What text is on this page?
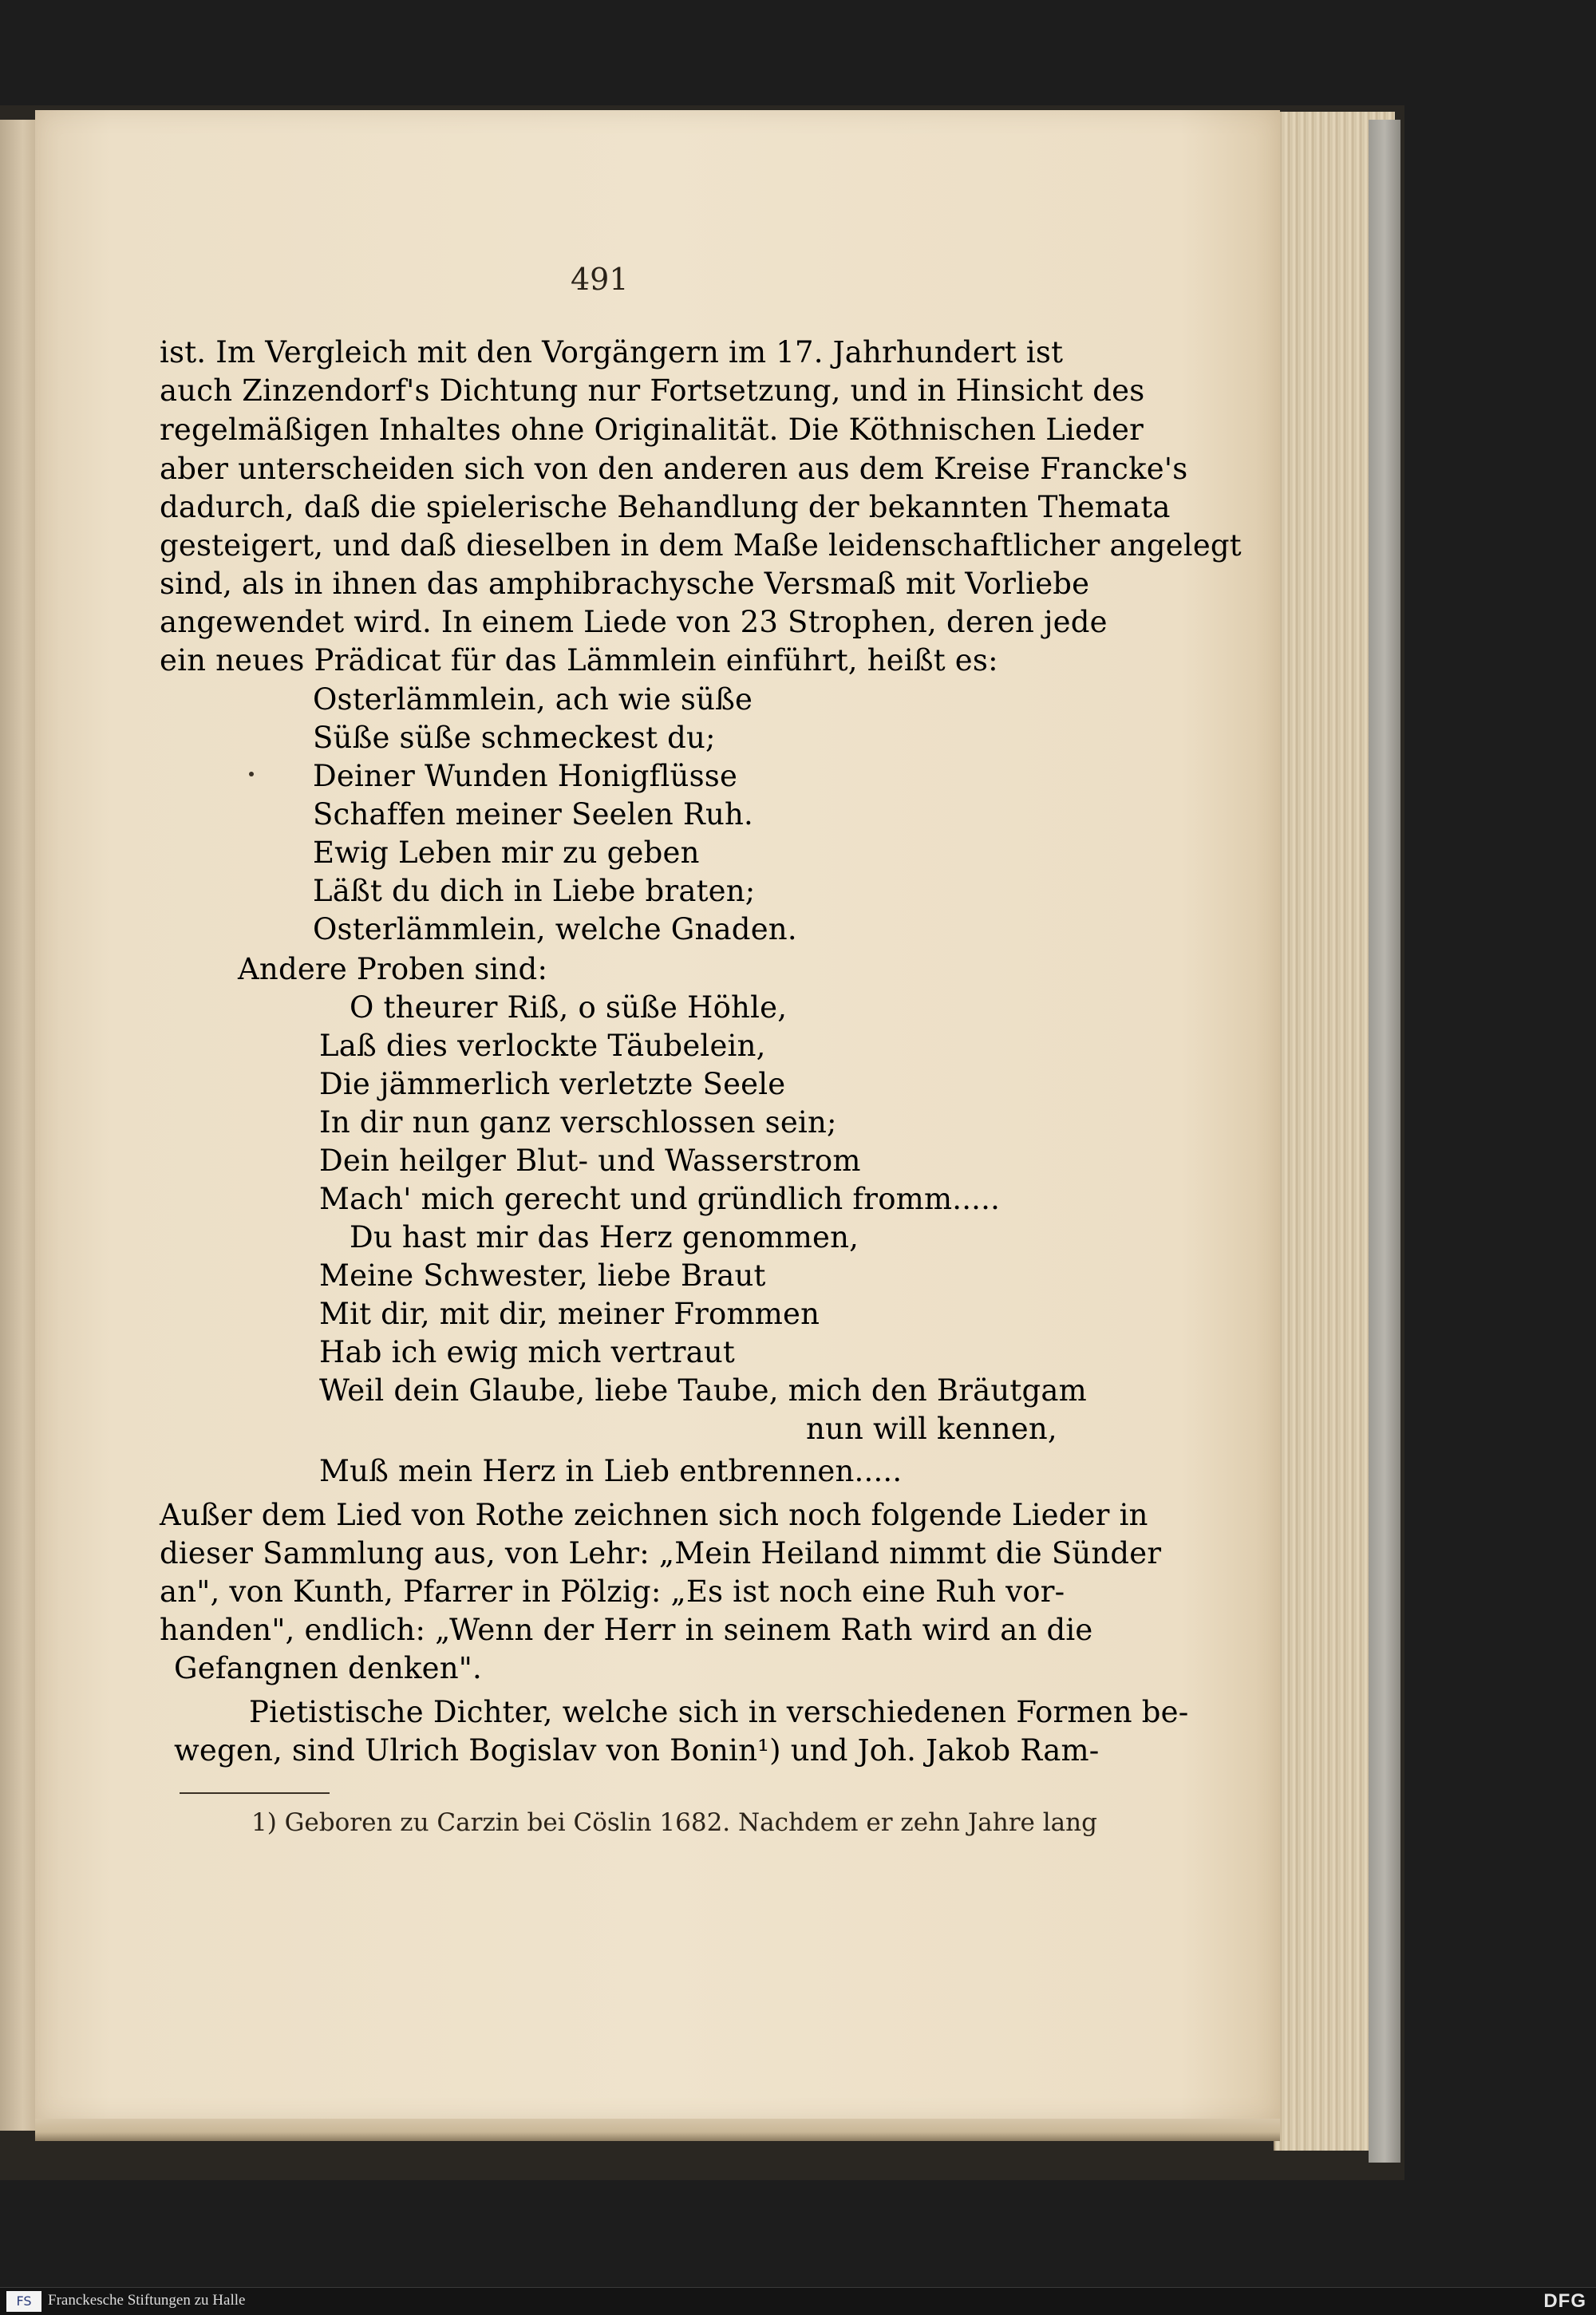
491
ist. Im Vergleich mit den Vorgängern im 17. Jahrhundert ist
auch Zinzendorf's Dichtung nur Fortsetzung, und in Hinsicht des
regelmäßigen Inhaltes ohne Originalität. Die Köthnischen Lieder
aber unterscheiden sich von den anderen aus dem Kreise Francke's
dadurch, daß die spielerische Behandlung der bekannten Themata
gesteigert, und daß dieselben in dem Maße leidenschaftlicher angelegt
sind, als in ihnen das amphibrachysche Versmaß mit Vorliebe
angewendet wird. In einem Liede von 23 Strophen, deren jede
ein neues Prädicat für das Lämmlein einführt, heißt es:
Osterlämmlein, ach wie süße
Süße süße schmeckest du;
Deiner Wunden Honigflüsse
Schaffen meiner Seelen Ruh.
Ewig Leben mir zu geben
Läßt du dich in Liebe braten;
Osterlämmlein, welche Gnaden.
Andere Proben sind:
O theurer Riß, o süße Höhle,
Laß dies verlockte Täubelein,
Die jämmerlich verletzte Seele
In dir nun ganz verschlossen sein;
Dein heilger Blut- und Wasserstrom
Mach' mich gerecht und gründlich fromm.....
Du hast mir das Herz genommen,
Meine Schwester, liebe Braut
Mit dir, mit dir, meiner Frommen
Hab ich ewig mich vertraut
Weil dein Glaube, liebe Taube, mich den Bräutgam
nun will kennen,
Muß mein Herz in Lieb entbrennen.....
Außer dem Lied von Rothe zeichnen sich noch folgende Lieder in
dieser Sammlung aus, von Lehr: „Mein Heiland nimmt die Sünder
an", von Kunth, Pfarrer in Pölzig: „Es ist noch eine Ruh vor-
handen", endlich: „Wenn der Herr in seinem Rath wird an die
Gefangnen denken".
Pietistische Dichter, welche sich in verschiedenen Formen be-
wegen, sind Ulrich Bogislav von Bonin¹) und Joh. Jakob Ram-
1) Geboren zu Carzin bei Cöslin 1682. Nachdem er zehn Jahre lang
FS	Franckesche Stiftungen zu Halle	DFG
